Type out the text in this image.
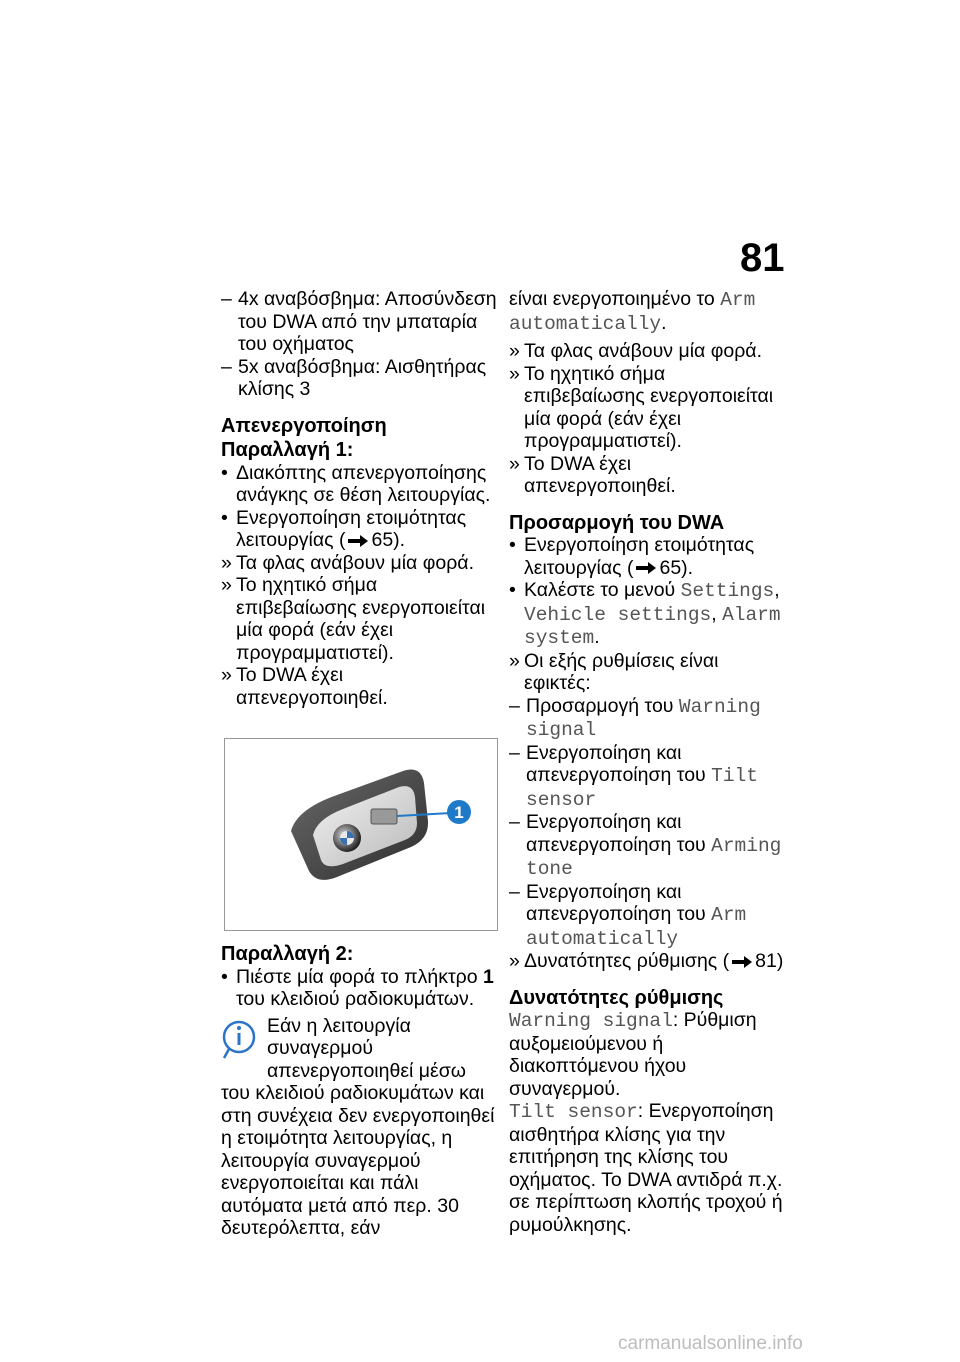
81
– 4x αναβόσβημα: Αποσύνδεση του DWA από την μπαταρία του οχήματος
– 5x αναβόσβημα: Αισθητήρας κλίσης 3
Απενεργοποίηση
Παραλλαγή 1:
• Διακόπτης απενεργοποίησης ανάγκης σε θέση λειτουργίας.
• Ενεργοποίηση ετοιμότητας λειτουργίας ( 65).
» Τα φλας ανάβουν μία φορά.
» Το ηχητικό σήμα επιβεβαίωσης ενεργοποιείται μία φορά (εάν έχει προγραμματιστεί).
» Το DWA έχει απενεργοποιηθεί.
1
Παραλλαγή 2:
• Πιέστε μία φορά το πλήκτρο 1 του κλειδιού ραδιοκυμάτων.
Εάν η λειτουργία συναγερμού απενεργοποιηθεί μέσω του κλειδιού ραδιοκυμάτων και στη συνέχεια δεν ενεργοποιηθεί η ετοιμότητα λειτουργίας, η λειτουργία συναγερμού ενεργοποιείται και πάλι αυτόματα μετά από περ. 30 δευτερόλεπτα, εάν
είναι ενεργοποιημένο το Arm automatically.
» Τα φλας ανάβουν μία φορά.
» Το ηχητικό σήμα επιβεβαίωσης ενεργοποιείται μία φορά (εάν έχει προγραμματιστεί).
» Το DWA έχει απενεργοποιηθεί.
Προσαρμογή του DWA
• Ενεργοποίηση ετοιμότητας λειτουργίας ( 65).
• Καλέστε το μενού Settings, Vehicle settings, Alarm system.
» Οι εξής ρυθμίσεις είναι εφικτές:
– Προσαρμογή του Warning signal
– Ενεργοποίηση και απενεργοποίηση του Tilt sensor
– Ενεργοποίηση και απενεργοποίηση του Arming tone
– Ενεργοποίηση και απενεργοποίηση του Arm automatically
» Δυνατότητες ρύθμισης ( 81)
Δυνατότητες ρύθμισης
Warning signal: Ρύθμιση αυξομειούμενου ή διακοπτόμενου ήχου συναγερμού.
Tilt sensor: Ενεργοποίηση αισθητήρα κλίσης για την επιτήρηση της κλίσης του οχήματος. Το DWA αντιδρά π.χ. σε περίπτωση κλοπής τροχού ή ρυμούλκησης.
carmanualsonline.info
